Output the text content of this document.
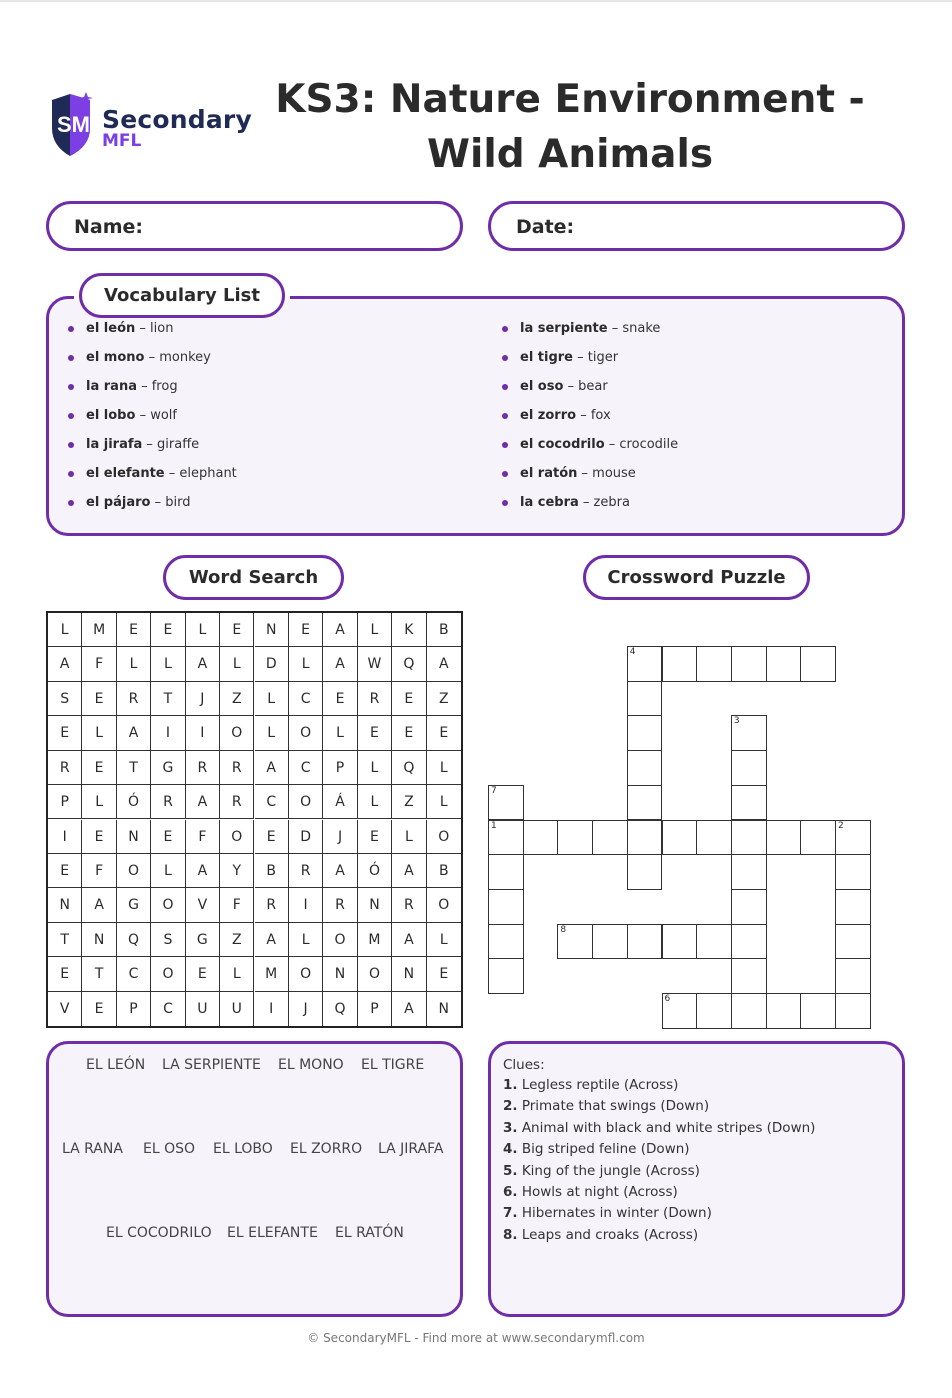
SM Secondary
MFL
KS3: Nature Environment - Wild Animals
Name:	Date:
Vocabulary List
el león – lion
el mono – monkey
la rana – frog
el lobo – wolf
la jirafa – giraffe
el elefante – elephant
el pájaro – bird
la serpiente – snake
el tigre – tiger
el oso – bear
el zorro – fox
el cocodrilo – crocodile
el ratón – mouse
la cebra – zebra
Word Search	Crossword Puzzle
L	M	E	E	L	E	N	E	A	L	K	B
A	F	L	L	A	L	D	L	A	W	Q	A
S	E	R	T	J	Z	L	C	E	R	E	Z
E	L	A	I	I	O	L	O	L	E	E	E
R	E	T	G	R	R	A	C	P	L	Q	L
P	L	Ó	R	A	R	C	O	Á	L	Z	L
I	E	N	E	F	O	E	D	J	E	L	O
E	F	O	L	A	Y	B	R	A	Ó	A	B
N	A	G	O	V	F	R	I	R	N	R	O
T	N	Q	S	G	Z	A	L	O	M	A	L
E	T	C	O	E	L	M	O	N	O	N	E
V	E	P	C	U	U	I	J	Q	P	A	N
4
3
7
1	2
8
6
EL LEÓN LA SERPIENTE EL MONO EL TIGRE
LA RANA EL OSO EL LOBO EL ZORRO LA JIRAFA
EL COCODRILO EL ELEFANTE EL RATÓN
Clues:
1. Legless reptile (Across)
2. Primate that swings (Down)
3. Animal with black and white stripes (Down)
4. Big striped feline (Down)
5. King of the jungle (Across)
6. Howls at night (Across)
7. Hibernates in winter (Down)
8. Leaps and croaks (Across)
© SecondaryMFL - Find more at www.secondarymfl.com
